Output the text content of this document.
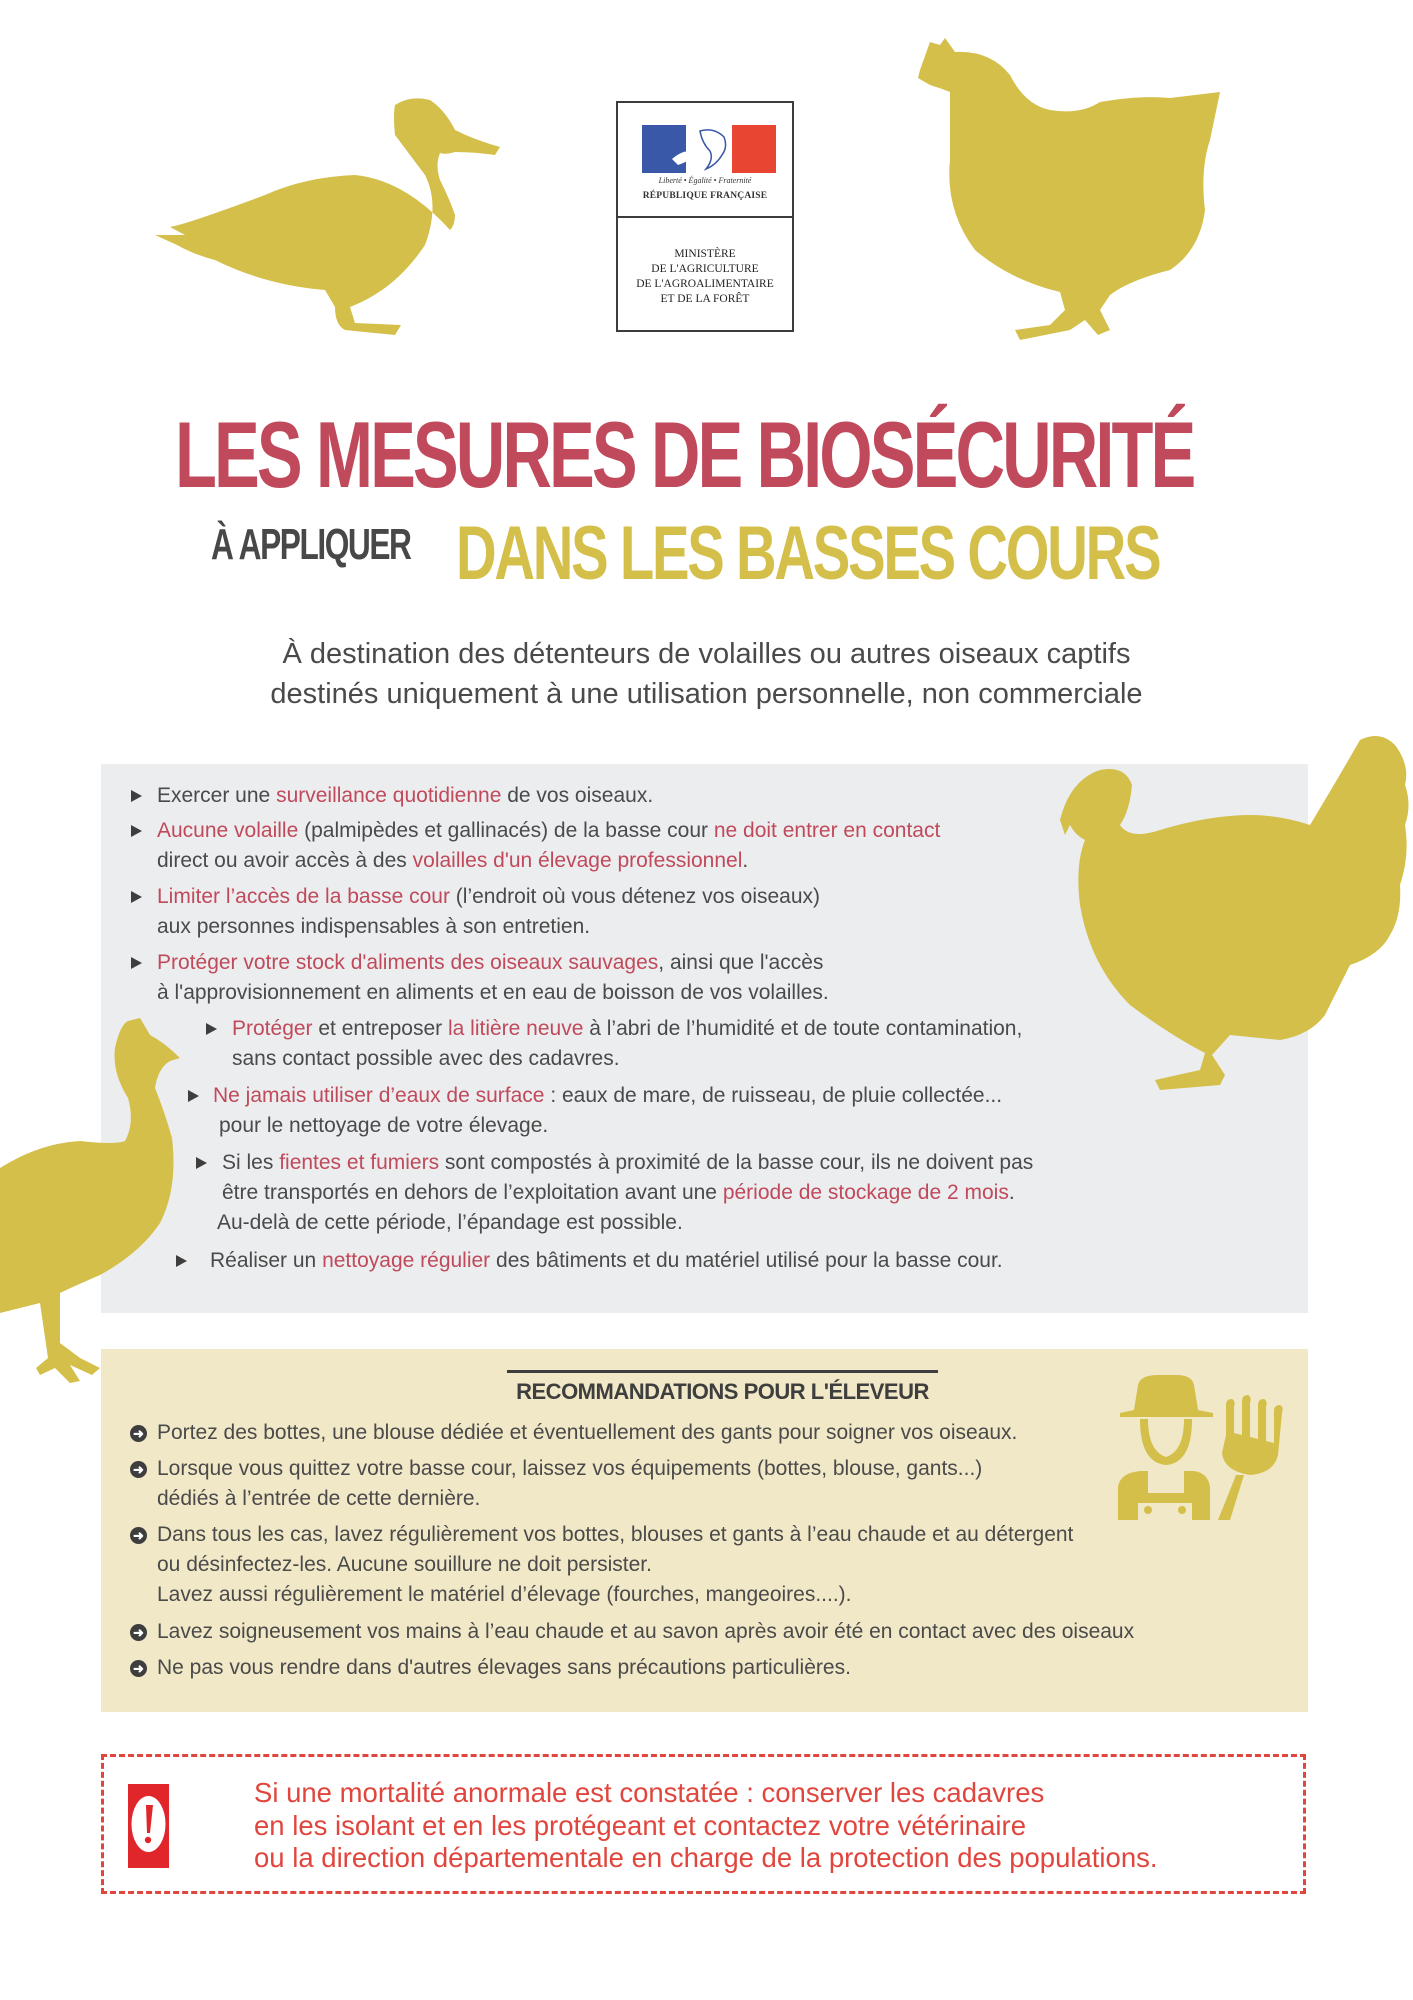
Liberté • Égalité • Fraternité
RÉPUBLIQUE FRANÇAISE
MINISTÈRE
DE L'AGRICULTURE
DE L'AGROALIMENTAIRE
ET DE LA FORÊT
LES MESURES DE BIOSÉCURITÉ
À APPLIQUER DANS LES BASSES COURS
À destination des détenteurs de volailles ou autres oiseaux captifs
destinés uniquement à une utilisation personnelle, non commerciale
Exercer une surveillance quotidienne de vos oiseaux.
Aucune volaille (palmipèdes et gallinacés) de la basse cour ne doit entrer en contact
direct ou avoir accès à des volailles d'un élevage professionnel.
Limiter l’accès de la basse cour (l’endroit où vous détenez vos oiseaux)
aux personnes indispensables à son entretien.
Protéger votre stock d'aliments des oiseaux sauvages, ainsi que l'accès
à l'approvisionnement en aliments et en eau de boisson de vos volailles.
Protéger et entreposer la litière neuve à l’abri de l’humidité et de toute contamination,
sans contact possible avec des cadavres.
Ne jamais utiliser d’eaux de surface : eaux de mare, de ruisseau, de pluie collectée...
pour le nettoyage de votre élevage.
Si les fientes et fumiers sont compostés à proximité de la basse cour, ils ne doivent pas
être transportés en dehors de l’exploitation avant une période de stockage de 2 mois.
Au-delà de cette période, l’épandage est possible.
Réaliser un nettoyage régulier des bâtiments et du matériel utilisé pour la basse cour.
RECOMMANDATIONS POUR L'ÉLEVEUR
➜ Portez des bottes, une blouse dédiée et éventuellement des gants pour soigner vos oiseaux.
➜ Lorsque vous quittez votre basse cour, laissez vos équipements (bottes, blouse, gants...)
dédiés à l’entrée de cette dernière.
➜ Dans tous les cas, lavez régulièrement vos bottes, blouses et gants à l’eau chaude et au détergent
ou désinfectez-les. Aucune souillure ne doit persister.
Lavez aussi régulièrement le matériel d’élevage (fourches, mangeoires....).
➜ Lavez soigneusement vos mains à l’eau chaude et au savon après avoir été en contact avec des oiseaux
➜ Ne pas vous rendre dans d'autres élevages sans précautions particulières.
Si une mortalité anormale est constatée : conserver les cadavres
en les isolant et en les protégeant et contactez votre vétérinaire
ou la direction départementale en charge de la protection des populations.
